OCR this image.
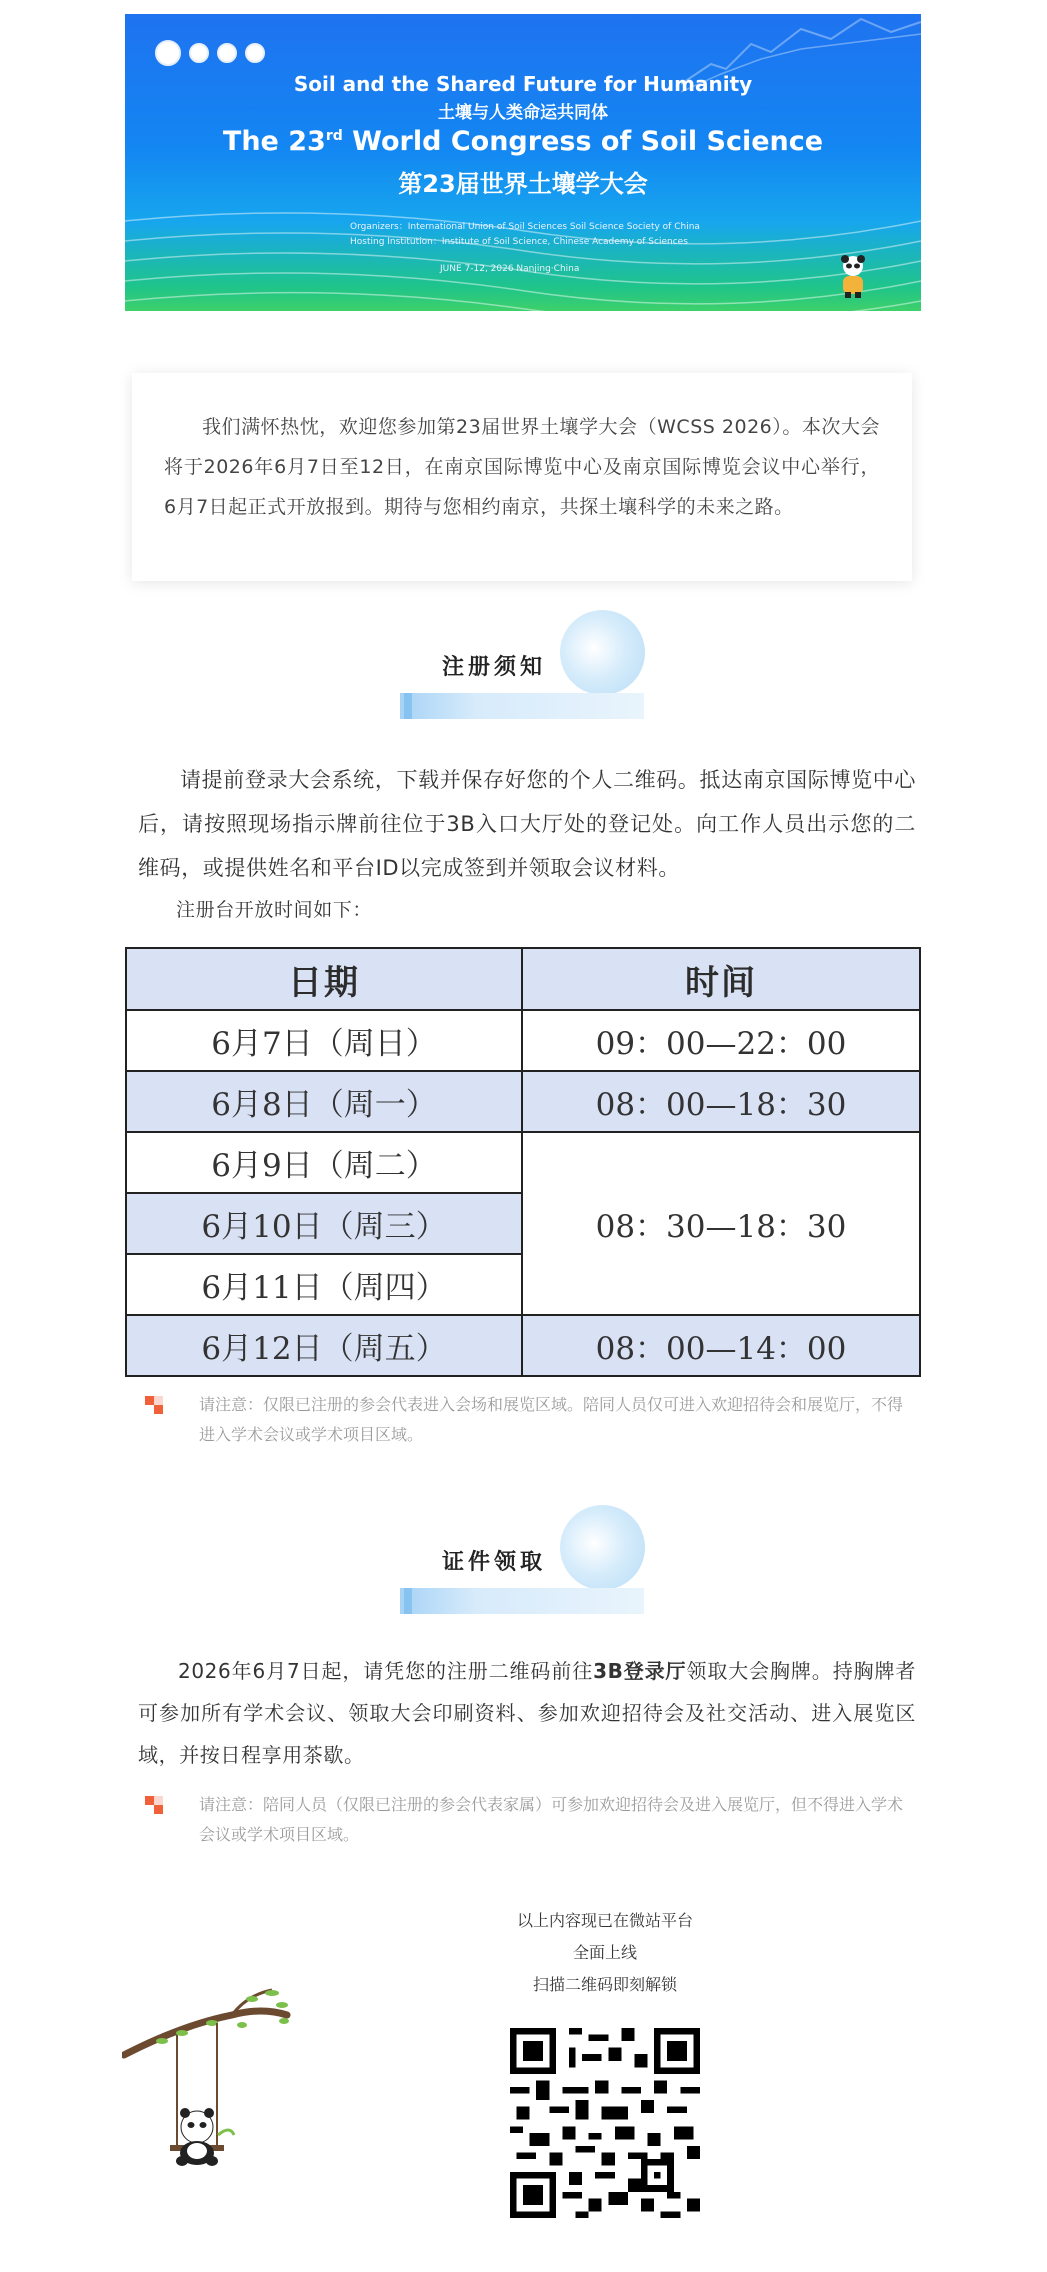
Soil and the Shared Future for Humanity
土壤与人类命运共同体
The 23rd World Congress of Soil Science
第23届世界土壤学大会
Organizers：International Union of Soil Sciences Soil Science Society of China
Hosting Institution：Institute of Soil Science, Chinese Academy of Sciences
JUNE 7-12, 2026 Nanjing·China

我们满怀热忱，欢迎您参加第23届世界土壤学大会（WCSS 2026）。本次大会将于2026年6月7日至12日，在南京国际博览中心及南京国际博览会议中心举行，6月7日起正式开放报到。期待与您相约南京，共探土壤科学的未来之路。

注册须知

请提前登录大会系统，下载并保存好您的个人二维码。抵达南京国际博览中心后，请按照现场指示牌前往位于3B入口大厅处的登记处。向工作人员出示您的二维码，或提供姓名和平台ID以完成签到并领取会议材料。

注册台开放时间如下：

日期	时间
6月7日（周日）	09：00—22：00
6月8日（周一）	08：00—18：30
6月9日（周二）	08：30—18：30
6月10日（周三）	
6月11日（周四）	
6月12日（周五）	08：00—14：00
请注意：仅限已注册的参会代表进入会场和展览区域。陪同人员仅可进入欢迎招待会和展览厅，不得进入学术会议或学术项目区域。
证件领取

2026年6月7日起，请凭您的注册二维码前往3B登录厅领取大会胸牌。持胸牌者可参加所有学术会议、领取大会印刷资料、参加欢迎招待会及社交活动、进入展览区域，并按日程享用茶歇。

请注意：陪同人员（仅限已注册的参会代表家属）可参加欢迎招待会及进入展览厅，但不得进入学术会议或学术项目区域。
以上内容现已在微站平台
全面上线
扫描二维码即刻解锁
